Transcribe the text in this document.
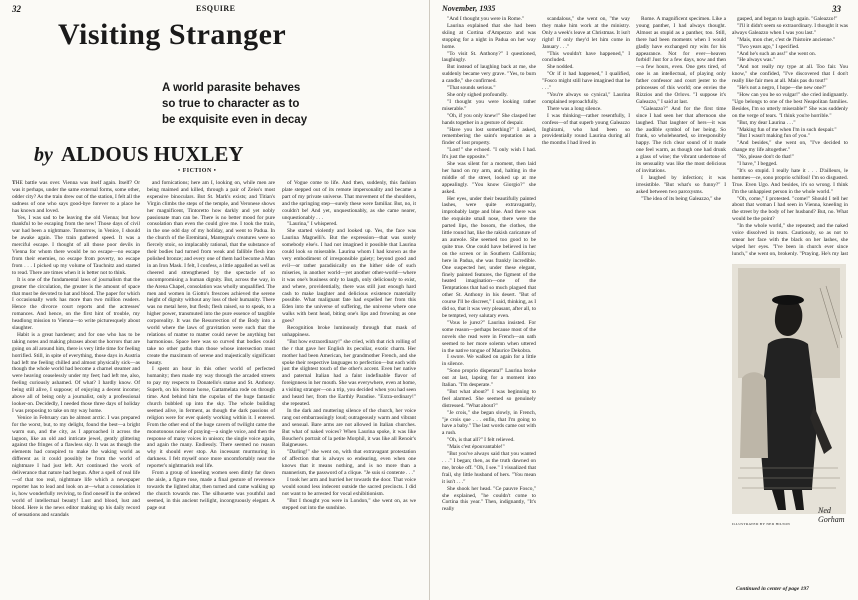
32	ESQUIRE
Visiting Stranger
A world parasite behaves
so true to character as to
be exquisite even in decay
by ALDOUS HUXLEY
• FICTION •

THE battle was over. Vienna was itself again. Itself? Or was it perhaps, under the same external forms, some other, odder city? As the train drew out of the station, I felt all the sadness of one who says good-bye forever to a place he has known and loved.

Yes, I was sad to be leaving the old Vienna; but how thankful to be escaping from the new! Those days of civil war had been a nightmare. Tomorrow, in Venice, I should be awake again. The train gathered speed. It was a merciful escape. I thought of all those poor devils in Vienna for whom there would be no escape—no escape from their enemies, no escape from poverty, no escape from . . . I picked up my volume of Tauchnitz and started to read. There are times when it is better not to think.

It is one of the fundamental laws of journalism that the greater the circulation, the greater is the amount of space that must be devoted to hat and blood. The paper for which I occasionally work has more than two million readers. Hence the divorce court reports and the actresses' romances. And hence, on the first hint of trouble, my headlong mission to Vienna—to write picturesquely about slaughter.

Habit is a great hardener; and for one who has to be taking notes and making phrases about the horrors that are going on all around him, there is very little time for feeling horrified. Still, in spite of everything, those days in Austria had left me feeling chilled and almost physically sick—as though the whole world had become a charnel steamer and were heaving ceaselessly under my feet; had left me, also, feeling curiously ashamed. Of what? I hardly know. Of being still alive, I suppose; of enjoying a decent income; above all of being only a journalist, only a professional looker-on. Decidedly, I needed those three days of holiday I was proposing to take on my way home.

Venice in February can be almost arctic. I was prepared for the worst, but, to my delight, found the best—a bright warm sun, and the city, as I approached it across the lagoon, like an old and intricate jewel, gently glittering against the fringes of a flawless sky. It was as though the elements had conspired to make the waking world as different as it could possibly be from the world of nightmare I had just left. Art continued the work of deliverance that nature had begun. After a spell of real life—of that too real, nightmare life which a newspaper reporter has to lead and look on at—what a consolation it is, how wonderfully reviving, to find oneself in the ordered world of intellectual beauty! Lust and blood, lust and blood. Here is the news editor making up his daily record of sensations and scandals

and fornications; here am I, looking on, while men are being maimed and killed, through a pair of Zeiss's most expensive binoculars. But St. Mark's exists; and Titian's Virgin climbs the steps of the temple, and Veronese shows her magnificent, Tintoretto how darkly and yet nobly passionate man can be. There is no better mood for pure consolation than even the could give me. I took the train, in the one odd day of my holiday, and went to Padua. In the church of the Eremitani, Mantegna's creatures were so fiercely stoic, so implacably rational, that the substance of their bodies had turned from weak and fallible flesh into polished bronze; and every one of them had become a Man in an Iron Mask. I felt, I confess, a little appalled as well as cheered and strengthened by the spectacle of so uncompromising a human dignity. But, across the way, in the Arena Chapel, consolation was wholly unqualified. The men and women in Giotto's frescoes achieved the serene height of dignity without any loss of their humanity. There was no metal here, but flesh; flesh raised, so to speak, to a higher power, transmuted into the pure essence of tangible corporeality. It was the Resurrection of the Body into a world where the laws of gravitation were such that the relations of matter to matter could never be anything but harmonious. Space here was so curved that bodies could take no other paths than those whose intersection must create the maximum of serene and majestically significant beauty.

I spent an hour in this other world of perfected humanity; then made my way through the arcaded streets to pay my respects to Donatello's statue and St. Anthony. Superb, on his bronze horse, Gattamelata rode on through time. And behind him the cupolas of the huge fantastic church bubbled up into the sky. The whole building seemed alive, in ferment, as though the dark passions of religion were for ever quietly working within it. I entered. From the other end of the huge cavern of twilight came the monotonous noise of praying—a single voice, and then the response of many voices in unison; the single voice again, and again the many. Endlessly. There seemed no reason why it should ever stop. An incessant murmuring in darkness. I felt myself once more uncomfortably near the reporter's nightmarish real life.

From a group of kneeling women seen dimly far down the aisle, a figure rose, made a final gesture of reverence towards the lighted altar, then turned and came walking up the church towards me. The silhouette was youthful and seemed, in this ancient twilight, incongruously elegant. A page out

of Vogue come to life. And then, suddenly, this fashion plate stepped out of its remote impersonality and became a part of my private universe. That movement of the shoulders, and the springing step—surely these were familiar. But, no, it couldn't be! And yet, unquestionably, as she came nearer, unquestionably . . .

"Laurina," I whispered.

She started violently and looked up. Yes, the face was Laurina Magnelli's. But the expression—that was surely somebody else's. I had not imagined it possible that Laurina could look so miserable. Laurina whom I had known as the very embodiment of irresponsible gaiety; beyond good and evil—or rather paradisically on the hither side of such miseries, in another world—yet another other-world—where it was one's business only to laugh, only deliciously to exist, and where, providentially, there was still just enough hard cash to make laughter and delicious existence materially possible. What malignant fate had expelled her from this Eden into the universe of suffering, the universe where one walks with bent head, biting one's lips and frowning as one goes?

Recognition broke luminously through that mask of unhappiness.

"But how extraordinary!" she cried, with that rich rolling of the r that gave her English its peculiar, exotic charm. Her mother had been American, her grandmother French, and she spoke their respective languages to perfection—but each with just the slightest touch of the other's accent. Even her native and paternal Italian had a faint indefinable flavor of foreignness in her mouth. She was everywhere, even at home, a visiting stranger—on a trip, you decided when you had seen and heard her, from the Earthly Paradise. "Extra-ordinary!" she repeated.

In the dark and muttering silence of the church, her voice rang out embarrassingly loud; outrageously warm and vibrant and sensual. Bare arms are not allowed in Italian churches. But what of naked voices? When Laurina spoke, it was like Boucher's portrait of la petite Morphil, it was like all Renoir's Baigneuses.

"Darling!" she went on, with that extravagant protestation of affection that is always so endearing, even when one knows that it means nothing, and is no more than a mannerism, the password of a clique. "Je suis si contente . . ."

I took her arm and hurried her towards the door. That voice would sound less indecent outside the sacred precincts. I did not want to be arrested for vocal exhibitionism.

"But I thought you were in London," she went on, as we stepped out into the sunshine.

November, 1935	33

"And I thought you were in Rome."

Laurina explained that she had been skiing at Cortina d'Ampezzo and was stopping for a night in Padua on her way home.

"To visit St. Anthony?" I questioned, laughingly.

But instead of laughing back at me, she suddenly became very grave. "Yes, to burn a candle," she confirmed.

"That sounds serious."

She only sighed profoundly.

"I thought you were looking rather miserable."

"Oh, if you only knew!" She clasped her hands together in a gesture of despair.

"Have you lost something?" I asked, remembering the saint's reputation as a finder of lost property.

"Lost!" she echoed. "I only wish I had. It's just the opposite."

She was silent for a moment, then laid her hand on my arm, and, halting in the middle of the street, looked up at me appealingly. "You know Giorgio?" she asked.

Her eyes, under their beautifully painted lashes, were quite extravagantly, improbably large and blue. And there was the exquisite small nose, there were the parted lips, the bosom, the clothes, the little round hat, like the rakish caricature of an aureole. She seemed too good to be quite true. One could have believed in her on the screen or in Southern California; here in Padua, she was frankly incredible. One suspected her, under these elegant, finely painted features, the figment of the heated imagination—one of the Temptations that had so much plagued that other St. Anthony in his desert. "But of course I'll be discreet," I said, thinking, as I did so, that it was very pleasant, after all, to be tempted, very salutary even.

"Vous le jurez?" Laurina insisted. For some reason—perhaps because most of the novels she read were in French—an oath seemed to her more solemn when uttered in the native tongue of Maurice Dekobra.

I swore. We walked on again for a little in silence.

"Sono proprio disperata!" Laurina broke out at last, lapsing for a moment into Italian. "I'm desperate."

"But what about?" I was beginning to feel alarmed. She seemed so genuinely distressed. "What about?"

"Je crois," she began slowly, in French, "je crois que . . . enfin, that I'm going to have a baby." The last words came out with a rush.

"Oh, is that all?" I felt relieved.

"Mais c'est épouvantable!"

"But you've always said that you wanted . . ." I began; then, as the truth dawned on me, broke off. "Oh, I see." I visualized that frail, shy little husband of hers. "You mean it isn't . . ."

She shook her head. "Ce pauvre Fosco," she explained, "he couldn't come to Cortina this year." Then, indignantly, "It's really

scandalous," she went on, "the way they make him work at the ministry. Only a week's leave at Christmas. It isn't right! If only they'd let him come in January . . ."

"This wouldn't have happened," I concluded.

She nodded.

"Or if it had happened," I qualified, "Fosco might still have imagined that he . . ."

"You're always so cynical," Laurina complained reproachfully.

There was a long silence.

I was thinking—rather resentfully, I confess—of that superb young Galeazzo Inghirami, who had been so providentially round Laurina during all the months I had lived in

Rome. A magnificent specimen. Like a young panther, I had always thought. Almost as stupid as a panther, too. Still, there had been moments when I would gladly have exchanged my wits for his appearance. Not for ever—heaven forbid! Just for a few days, now and then—a few hours, even. One gets tired, of one is an intellectual, of playing only father confessor and court jester to the princesses of this world; one envies the Rizzios and the Orlovs. "I suppose it's Galeazzo," I said at last.

"Galeazzo?" And for the first time since I had seen her that afternoon she laughed. That laughter of hers—it was the audible symbol of her being. So frank, so wholehearted, so irresponsibly happy. The rich clear sound of it made one feel warm, as though one had drunk a glass of wine; the vibrant undertone of its sensuality was like the most delicious of invitations.

I laughed by infection; it was irresistible. "But what's so funny?" I asked between two paroxysms.

"The idea of its being Galeazzo," she

gasped, and began to laugh again. "Galeazzo!"

"I'll it didn't seem so extraordinary. I thought it was always Galeazzo when I was you last."

"Mais, mon cher, c'est de l'histoire ancienne."

"Two years ago," I specified.

"And he's such an ass!" she went on.

"He always was."

"And not really my type at all. Too fair. You know," she confided, "I've discovered that I don't really like fair men at all. Mais pas du tout!"

"He's not a negro, I hope—the new one?"

"How can you be so vulgar!" she cried indignantly. "Ugo belongs to one of the best Neapolitan families. Besides, I'm so utterly miserable!" She was suddenly on the verge of tears. "I think you're horrible."

"But, my dear Laurina . . ."

"Making fun of me when I'm in such despair."

"But I wasn't making fun of you."

"And besides," she went on, "I've decided to change my life altogether."

"No, please don't do that!"

"I have," I begged.

"It's so stupid. I really hate it . . . D'ailleurs, le hommes—ce, sono proprio schifosi! I'm so disgusted. True. Even Ugo. And besides, it's so wrong. I think I'm the unhappiest person in the whole world."

"Oh, come," I protested. "come!" Should I tell her about that woman I had seen in Vienna, kneeling in the street by the body of her husband? But, no. What would be the point?

"In the whole world," she repeated; and the naked voice dissolved in tears. Cautiously, so as not to smear her face with the black on her lashes, she wiped her eyes. "I've been in church ever since lunch," she went on, brokenly. "Praying. He's my last

Ned Gorham
ILLUSTRATED BY NED HILTON
Continued in center of page 197
